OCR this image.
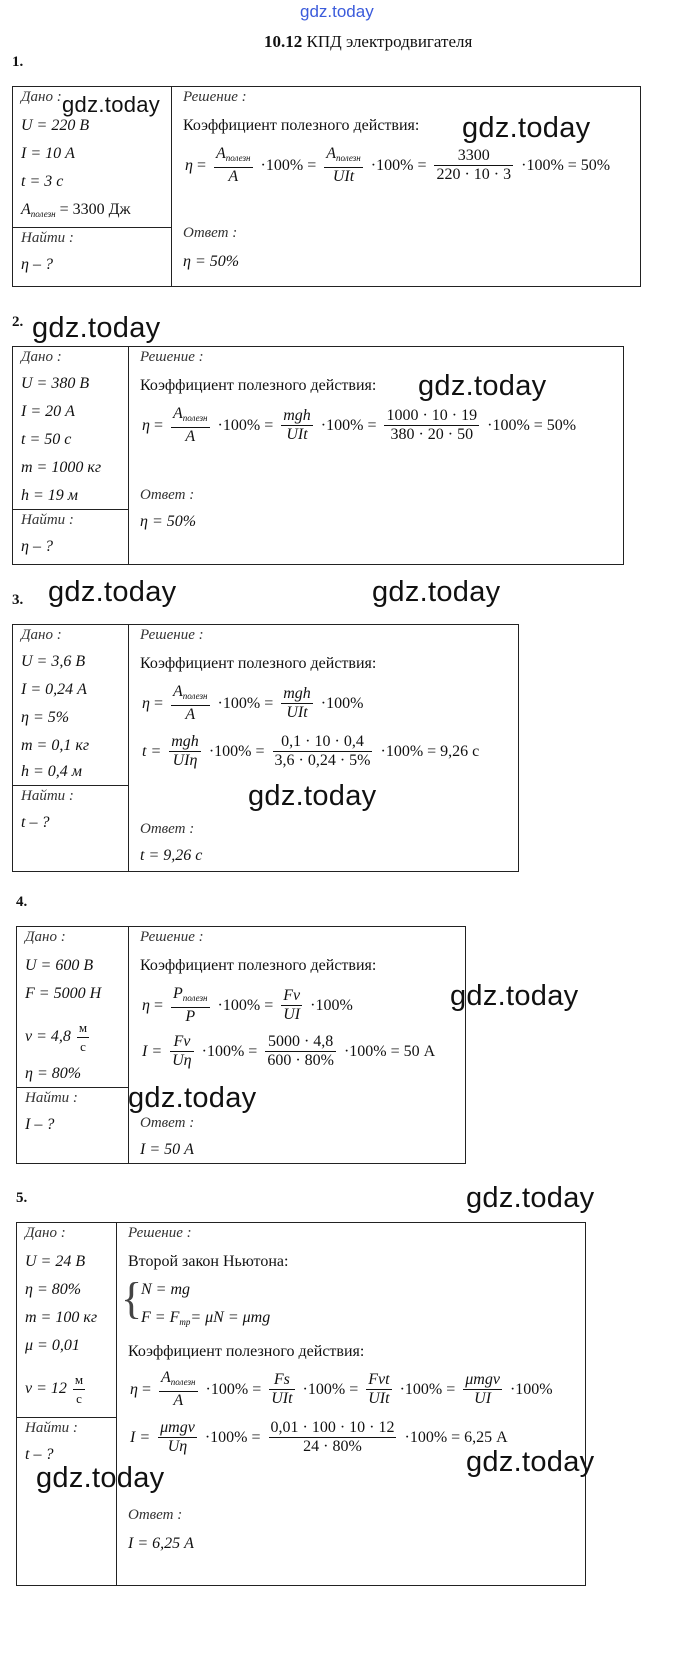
gdz.today
10.12 КПД электродвигателя
1.
Дано :
U = 220 В
I = 10 А
t = 3 с
$A_{полезн} = 3300$ Дж
Найти :
η – ?
Решение :
Коэффициент полезного действия:
$\eta = \frac{A_{полезн}}{A} \cdot 100\% = \frac{A_{полезн}}{\text{UIt}} \cdot 100\% = \frac{3300}{220 \cdot 10 \cdot 3} \cdot 100\% = 50\%$
Ответ :
η = 50%
2.
Дано :
U = 380 В
I = 20 А
t = 50 с
m = 1000 кг
h = 19 м
Найти :
η – ?
Решение :
Коэффициент полезного действия:
$\eta = \frac{A_{полезн}}{A} \cdot 100\% = \frac{\text{mgh}}{\text{UIt}} \cdot 100\% = \frac{1000 \cdot 10 \cdot 19}{380 \cdot 20 \cdot 50} \cdot 100\% = 50\%$
Ответ :
η = 50%
3.
Дано :
U = 3,6 В
I = 0,24 А
η = 5%
m = 0,1 кг
h = 0,4 м
Найти :
t – ?
Решение :
Коэффициент полезного действия:
$\eta = \frac{A_{полезн}}{A} \cdot 100\% = \frac{\text{mgh}}{\text{UIt}} \cdot 100\%$
$t = \frac{\text{mgh}}{\text{UIη}} \cdot 100\% = \frac{0,1 \cdot 10 \cdot 0,4}{3,6 \cdot 0,24 \cdot 5\%} \cdot 100\% = 9,26$ с
Ответ :
t = 9,26 с
4.
Дано :
U = 600 В
F = 5000 Н
$v = 4,8 \frac{м}{с}$
η = 80%
Найти :
I – ?
Решение :
Коэффициент полезного действия:
$\eta = \frac{P_{полезн}}{P} \cdot 100\% = \frac{Fv}{UI} \cdot 100\%$
$I = \frac{Fv}{U\eta} \cdot 100\% = \frac{5000 \cdot 4,8}{600 \cdot 80\%} \cdot 100\% = 50$ А
Ответ :
I = 50 А
5.
Дано :
U = 24 В
η = 80%
m = 100 кг
μ = 0,01
$v = 12 \frac{м}{с}$
Найти :
t – ?
Решение :
Второй закон Ньютона:
{
N = mg
$F = F_{тр}= \mu N = \mu mg$
Коэффициент полезного действия:
$\eta = \frac{A_{полезн}}{A} \cdot 100\% = \frac{Fs}{\text{UIt}} \cdot 100\% = \frac{\text{Fvt}}{\text{UIt}} \cdot 100\% = \frac{\text{μmgv}}{UI} \cdot 100\%$
$I = \frac{\text{μmgv}}{U\eta} \cdot 100\% = \frac{0,01 \cdot 100 \cdot 10 \cdot 12}{24 \cdot 80\%} \cdot 100\% = 6,25$ А
Ответ :
I = 6,25 А
gdz.today
gdz.today
gdz.today
gdz.today
gdz.today	gdz.today
gdz.today
gdz.today
gdz.today
gdz.today
gdz.today
gdz.today
